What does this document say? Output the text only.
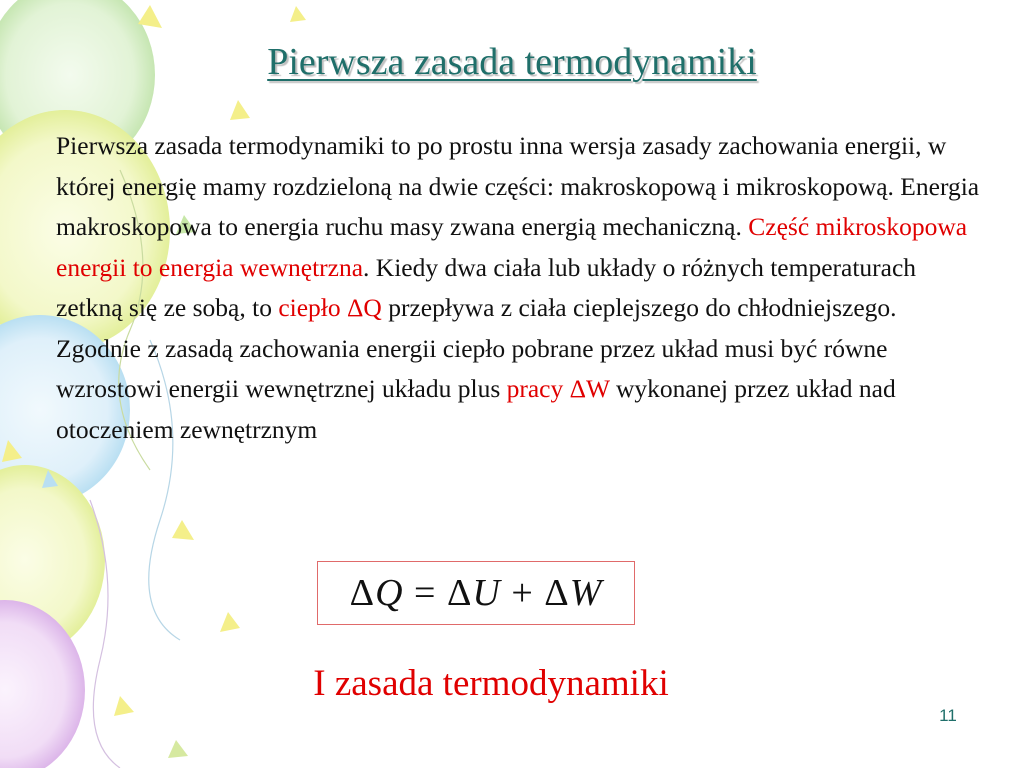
Pierwsza zasada termodynamiki
Pierwsza zasada termodynamiki to po prostu inna wersja zasady zachowania energii, w której energię mamy rozdzieloną na dwie części: makroskopową i mikroskopową. Energia makroskopowa to energia ruchu masy zwana energią mechaniczną. Część mikroskopowa energii to energia wewnętrzna. Kiedy dwa ciała lub układy o różnych temperaturach zetkną się ze sobą, to ciepło ΔQ przepływa z ciała cieplejszego do chłodniejszego. Zgodnie z zasadą zachowania energii ciepło pobrane przez układ musi być równe wzrostowi energii wewnętrznej układu plus pracy ΔW wykonanej przez układ nad otoczeniem zewnętrznym
Δ Q = Δ U + Δ W
I zasada termodynamiki
11
